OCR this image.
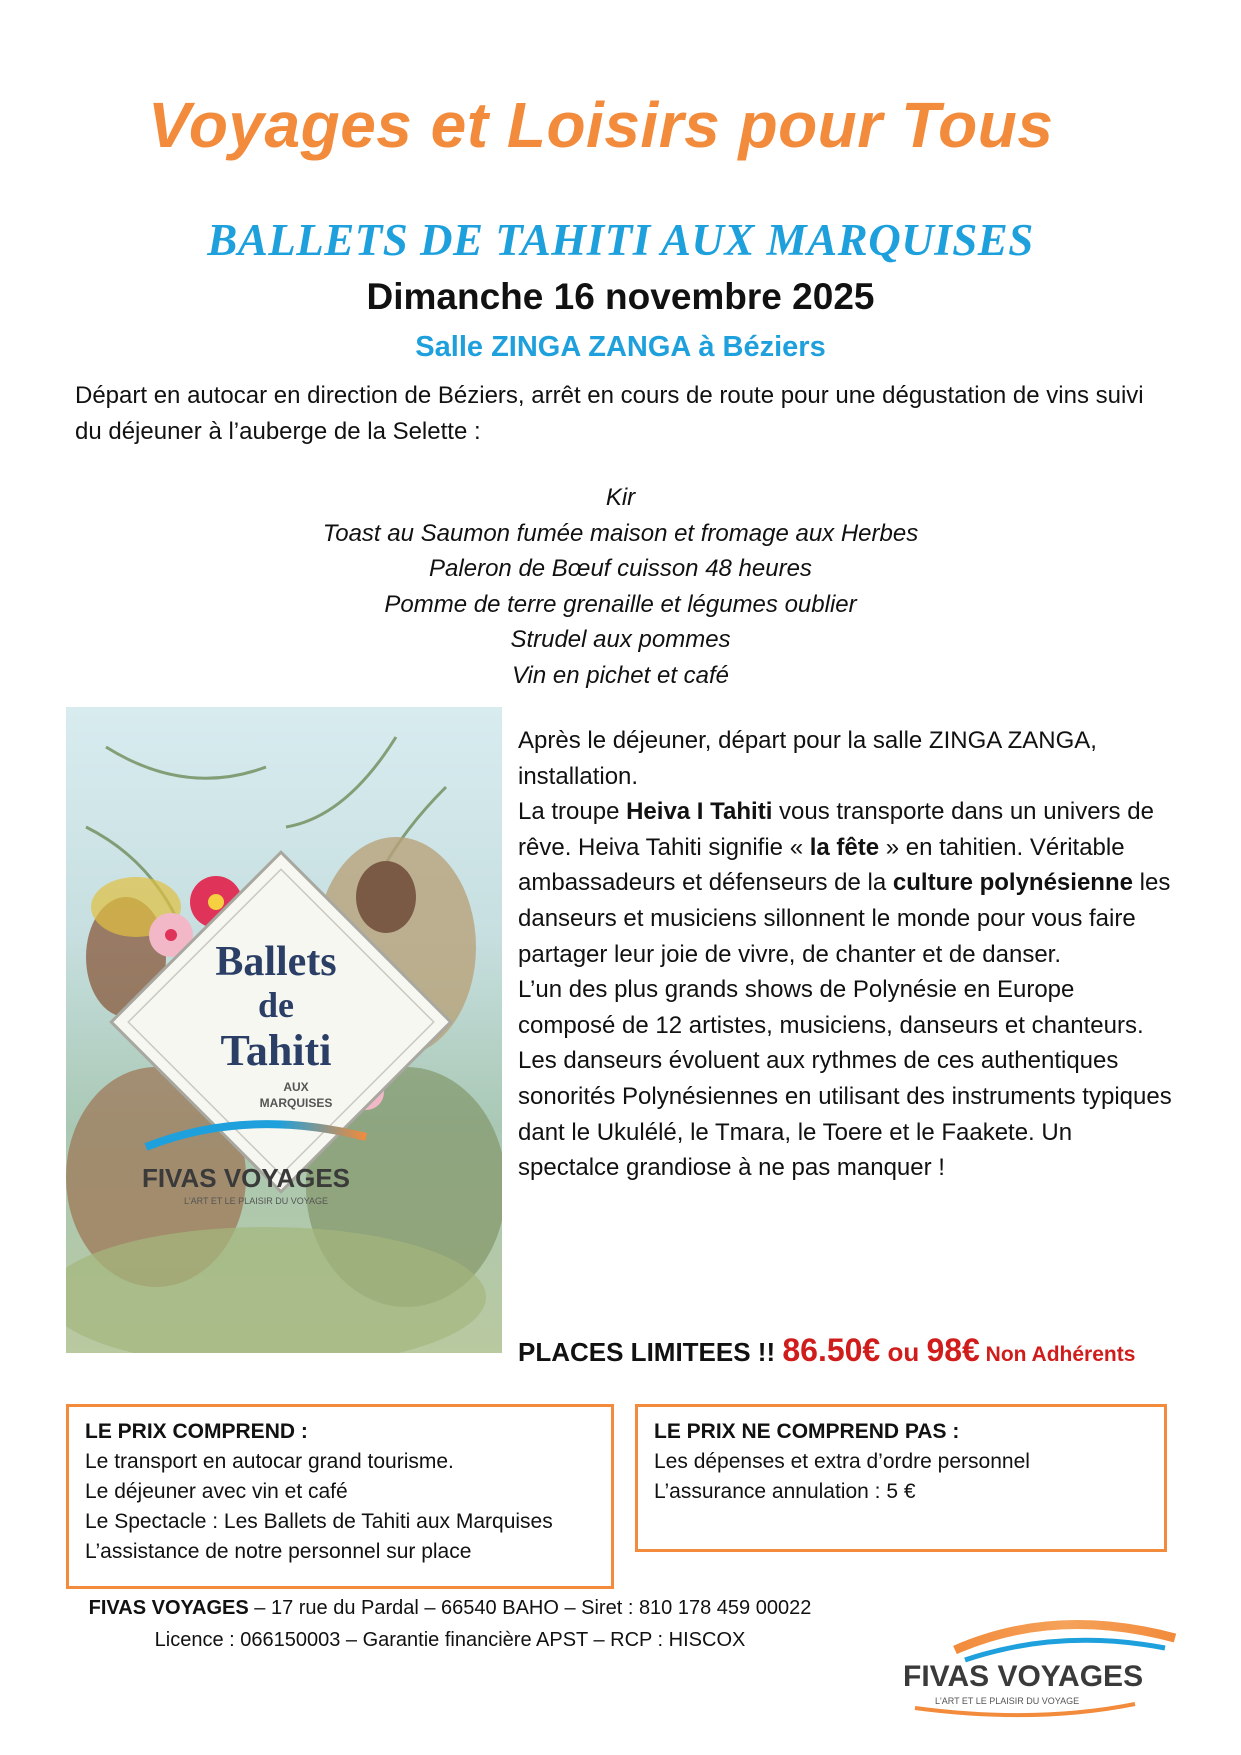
Voyages et Loisirs pour Tous
BALLETS DE TAHITI AUX MARQUISES
Dimanche 16 novembre 2025
Salle ZINGA ZANGA à Béziers
Départ en autocar en direction de Béziers, arrêt en cours de route pour une dégustation de vins suivi du déjeuner à l’auberge de la Selette :
Kir
Toast au Saumon fumée maison et fromage aux Herbes
Paleron de Bœuf cuisson 48 heures
Pomme de terre grenaille et légumes oublier
Strudel aux pommes
Vin en pichet et café
Ballets
de
Tahiti
AUX
MARQUISES
FIVAS VOYAGES
L'ART ET LE PLAISIR DU VOYAGE
Après le déjeuner, départ pour la salle ZINGA ZANGA, installation.
La troupe Heiva I Tahiti vous transporte dans un univers de rêve. Heiva Tahiti signifie « la fête » en tahitien. Véritable ambassadeurs et défenseurs de la culture polynésienne les danseurs et musiciens sillonnent le monde pour vous faire partager leur joie de vivre, de chanter et de danser.
L’un des plus grands shows de Polynésie en Europe composé de 12 artistes, musiciens, danseurs et chanteurs.
Les danseurs évoluent aux rythmes de ces authentiques sonorités Polynésiennes en utilisant des instruments typiques dant le Ukulélé, le Tmara, le Toere et le Faakete. Un spectalce grandiose à ne pas manquer !
PLACES LIMITEES !! 86.50€ ou 98€ Non Adhérents
LE PRIX COMPREND :
Le transport en autocar grand tourisme.
Le déjeuner avec vin et café
Le Spectacle : Les Ballets de Tahiti aux Marquises
L’assistance de notre personnel sur place
LE PRIX NE COMPREND PAS :
Les dépenses et extra d’ordre personnel
L’assurance annulation : 5 €
FIVAS VOYAGES – 17 rue du Pardal – 66540 BAHO – Siret : 810 178 459 00022
Licence : 066150003 – Garantie financière APST – RCP : HISCOX
FIVAS VOYAGES
L'ART ET LE PLAISIR DU VOYAGE
